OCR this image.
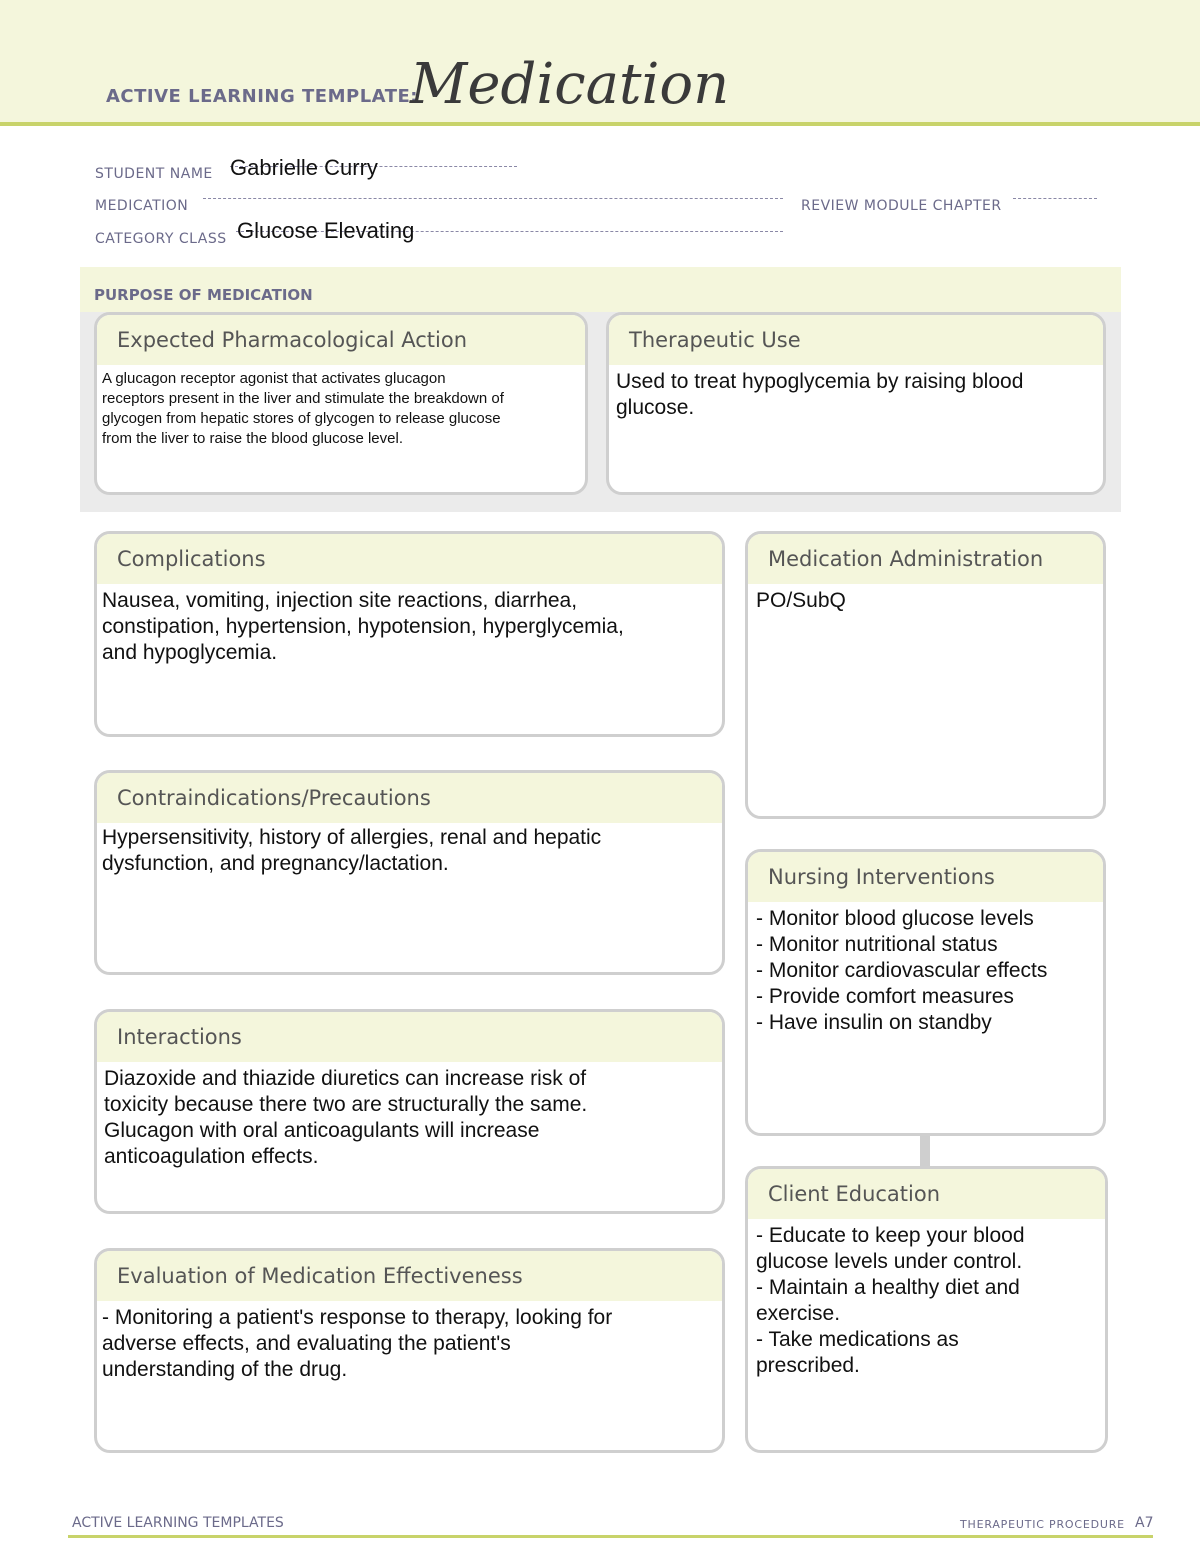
ACTIVE LEARNING TEMPLATE:
Medication
STUDENT NAME Gabrielle Curry
MEDICATION	REVIEW MODULE CHAPTER
CATEGORY CLASS Glucose Elevating
PURPOSE OF MEDICATION
Expected Pharmacological Action
A glucagon receptor agonist that activates glucagon
receptors present in the liver and stimulate the breakdown of
glycogen from hepatic stores of glycogen to release glucose
from the liver to raise the blood glucose level.
Therapeutic Use
Used to treat hypoglycemia by raising blood
glucose.
Complications
Nausea, vomiting, injection site reactions, diarrhea,
constipation, hypertension, hypotension, hyperglycemia,
and hypoglycemia.
Contraindications/Precautions
Hypersensitivity, history of allergies, renal and hepatic
dysfunction, and pregnancy/lactation.
Interactions
Diazoxide and thiazide diuretics can increase risk of
toxicity because there two are structurally the same.
Glucagon with oral anticoagulants will increase
anticoagulation effects.
Evaluation of Medication Effectiveness
- Monitoring a patient's response to therapy, looking for
adverse effects, and evaluating the patient's
understanding of the drug.
Medication Administration
PO/SubQ
Nursing Interventions
- Monitor blood glucose levels
- Monitor nutritional status
- Monitor cardiovascular effects
- Provide comfort measures
- Have insulin on standby
Client Education
- Educate to keep your blood
glucose levels under control.
- Maintain a healthy diet and
exercise.
- Take medications as
prescribed.
ACTIVE LEARNING TEMPLATES	THERAPEUTIC PROCEDURE A7
